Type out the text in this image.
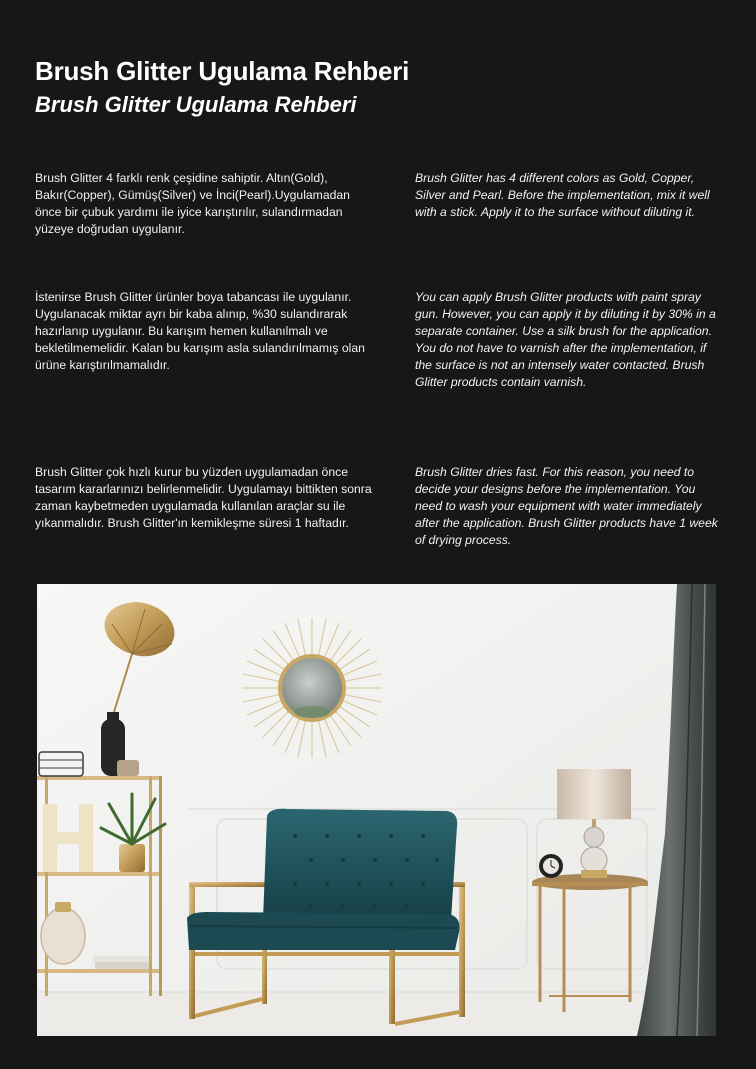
Brush Glitter Ugulama Rehberi
Brush Glitter Ugulama Rehberi

Brush Glitter 4 farklı renk çeşidine sahiptir. Altın(Gold), Bakır(Copper), Gümüş(Silver) ve İnci(Pearl).Uygulamadan önce bir çubuk yardımı ile iyice karıştırılır, sulandırmadan yüzeye doğrudan uygulanır.

Brush Glitter has 4 different colors as Gold, Copper, Silver and Pearl. Before the implementation, mix it well with a stick. Apply it to the surface without diluting it.

İstenirse Brush Glitter ürünler boya tabancası ile uygulanır. Uygulanacak miktar ayrı bir kaba alınıp, %30 sulandırarak hazırlanıp uygulanır. Bu karışım hemen kullanılmalı ve bekletilmemelidir. Kalan bu karışım asla sulandırılmamış olan ürüne karıştırılmamalıdır.

You can apply Brush Glitter products with paint spray gun. However, you can apply it by diluting it by 30% in a separate container. Use a silk brush for the application. You do not have to varnish after the implementation, if the surface is not an intensely water contacted. Brush Glitter products contain varnish.

Brush Glitter çok hızlı kurur bu yüzden uygulamadan önce tasarım kararlarınızı belirlenmelidir. Uygulamayı bittikten sonra zaman kaybetmeden uygulamada kullanılan araçlar su ile yıkanmalıdır. Brush Glitter'ın kemikleşme süresi 1 haftadır.

Brush Glitter dries fast. For this reason, you need to decide your designs before the implementation. You need to wash your equipment with water immediately after the application. Brush Glitter products have 1 week of drying process.
